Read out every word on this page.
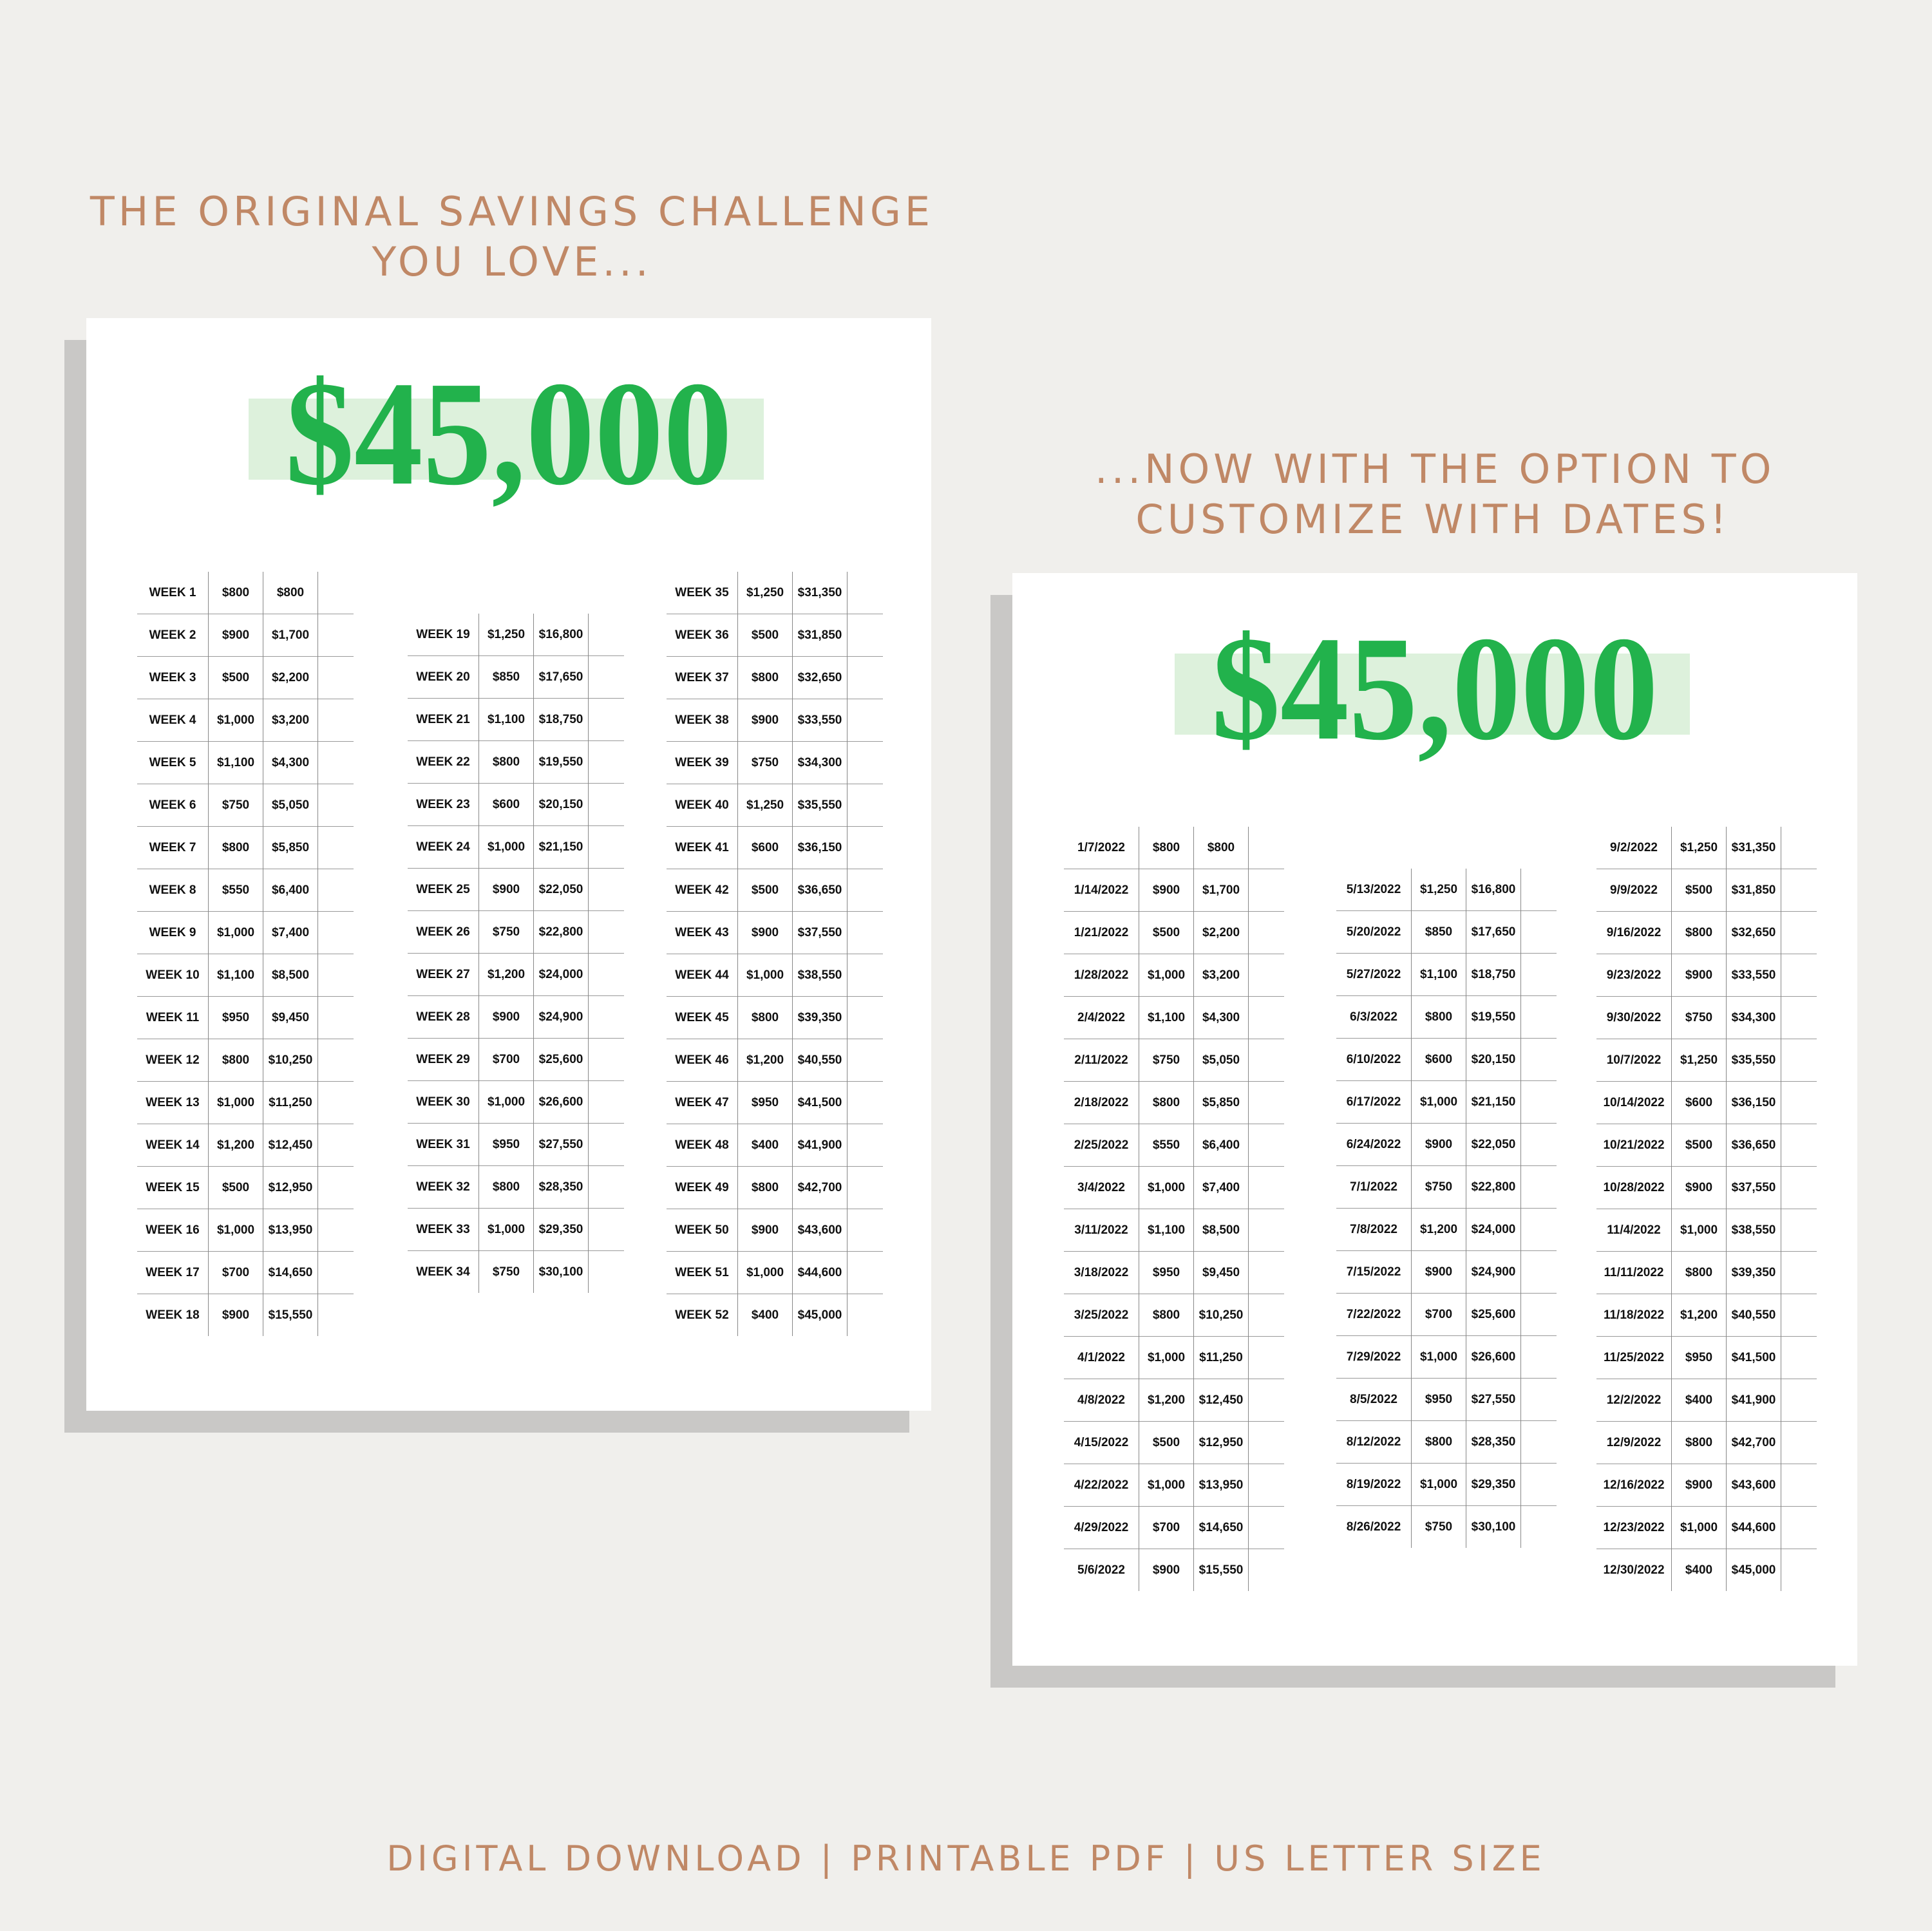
THE ORIGINAL SAVINGS CHALLENGE
YOU LOVE...
...NOW WITH THE OPTION TO
CUSTOMIZE WITH DATES!
$45,000
WEEK 1	$800	$800	
WEEK 2	$900	$1,700	
WEEK 3	$500	$2,200	
WEEK 4	$1,000	$3,200	
WEEK 5	$1,100	$4,300	
WEEK 6	$750	$5,050	
WEEK 7	$800	$5,850	
WEEK 8	$550	$6,400	
WEEK 9	$1,000	$7,400	
WEEK 10	$1,100	$8,500	
WEEK 11	$950	$9,450	
WEEK 12	$800	$10,250	
WEEK 13	$1,000	$11,250	
WEEK 14	$1,200	$12,450	
WEEK 15	$500	$12,950	
WEEK 16	$1,000	$13,950	
WEEK 17	$700	$14,650	
WEEK 18	$900	$15,550	
WEEK 19	$1,250	$16,800	
WEEK 20	$850	$17,650	
WEEK 21	$1,100	$18,750	
WEEK 22	$800	$19,550	
WEEK 23	$600	$20,150	
WEEK 24	$1,000	$21,150	
WEEK 25	$900	$22,050	
WEEK 26	$750	$22,800	
WEEK 27	$1,200	$24,000	
WEEK 28	$900	$24,900	
WEEK 29	$700	$25,600	
WEEK 30	$1,000	$26,600	
WEEK 31	$950	$27,550	
WEEK 32	$800	$28,350	
WEEK 33	$1,000	$29,350	
WEEK 34	$750	$30,100	
WEEK 35	$1,250	$31,350	
WEEK 36	$500	$31,850	
WEEK 37	$800	$32,650	
WEEK 38	$900	$33,550	
WEEK 39	$750	$34,300	
WEEK 40	$1,250	$35,550	
WEEK 41	$600	$36,150	
WEEK 42	$500	$36,650	
WEEK 43	$900	$37,550	
WEEK 44	$1,000	$38,550	
WEEK 45	$800	$39,350	
WEEK 46	$1,200	$40,550	
WEEK 47	$950	$41,500	
WEEK 48	$400	$41,900	
WEEK 49	$800	$42,700	
WEEK 50	$900	$43,600	
WEEK 51	$1,000	$44,600	
WEEK 52	$400	$45,000	
$45,000
1/7/2022	$800	$800	
1/14/2022	$900	$1,700	
1/21/2022	$500	$2,200	
1/28/2022	$1,000	$3,200	
2/4/2022	$1,100	$4,300	
2/11/2022	$750	$5,050	
2/18/2022	$800	$5,850	
2/25/2022	$550	$6,400	
3/4/2022	$1,000	$7,400	
3/11/2022	$1,100	$8,500	
3/18/2022	$950	$9,450	
3/25/2022	$800	$10,250	
4/1/2022	$1,000	$11,250	
4/8/2022	$1,200	$12,450	
4/15/2022	$500	$12,950	
4/22/2022	$1,000	$13,950	
4/29/2022	$700	$14,650	
5/6/2022	$900	$15,550	
5/13/2022	$1,250	$16,800	
5/20/2022	$850	$17,650	
5/27/2022	$1,100	$18,750	
6/3/2022	$800	$19,550	
6/10/2022	$600	$20,150	
6/17/2022	$1,000	$21,150	
6/24/2022	$900	$22,050	
7/1/2022	$750	$22,800	
7/8/2022	$1,200	$24,000	
7/15/2022	$900	$24,900	
7/22/2022	$700	$25,600	
7/29/2022	$1,000	$26,600	
8/5/2022	$950	$27,550	
8/12/2022	$800	$28,350	
8/19/2022	$1,000	$29,350	
8/26/2022	$750	$30,100	
9/2/2022	$1,250	$31,350	
9/9/2022	$500	$31,850	
9/16/2022	$800	$32,650	
9/23/2022	$900	$33,550	
9/30/2022	$750	$34,300	
10/7/2022	$1,250	$35,550	
10/14/2022	$600	$36,150	
10/21/2022	$500	$36,650	
10/28/2022	$900	$37,550	
11/4/2022	$1,000	$38,550	
11/11/2022	$800	$39,350	
11/18/2022	$1,200	$40,550	
11/25/2022	$950	$41,500	
12/2/2022	$400	$41,900	
12/9/2022	$800	$42,700	
12/16/2022	$900	$43,600	
12/23/2022	$1,000	$44,600	
12/30/2022	$400	$45,000	
DIGITAL DOWNLOAD | PRINTABLE PDF | US LETTER SIZE
